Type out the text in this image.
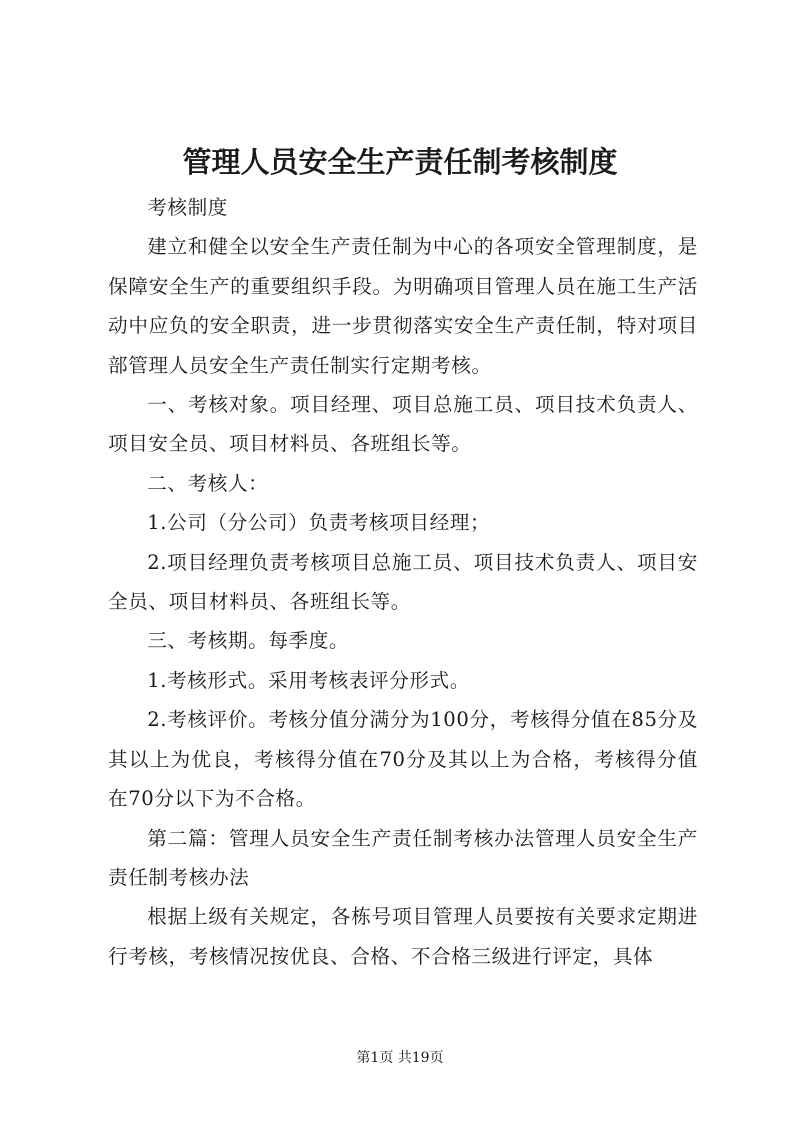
管理人员安全生产责任制考核制度

考核制度

建立和健全以安全生产责任制为中心的各项安全管理制度，是保障安全生产的重要组织手段。为明确项目管理人员在施工生产活动中应负的安全职责，进一步贯彻落实安全生产责任制，特对项目部管理人员安全生产责任制实行定期考核。

一、考核对象。项目经理、项目总施工员、项目技术负责人、项目安全员、项目材料员、各班组长等。

二、考核人：

1.公司（分公司）负责考核项目经理；

2.项目经理负责考核项目总施工员、项目技术负责人、项目安全员、项目材料员、各班组长等。

三、考核期。每季度。

1.考核形式。采用考核表评分形式。

2.考核评价。考核分值分满分为100分，考核得分值在85分及其以上为优良，考核得分值在70分及其以上为合格，考核得分值在70分以下为不合格。

第二篇：管理人员安全生产责任制考核办法管理人员安全生产责任制考核办法

根据上级有关规定，各栋号项目管理人员要按有关要求定期进行考核，考核情况按优良、合格、不合格三级进行评定，具体

第1页 共19页
